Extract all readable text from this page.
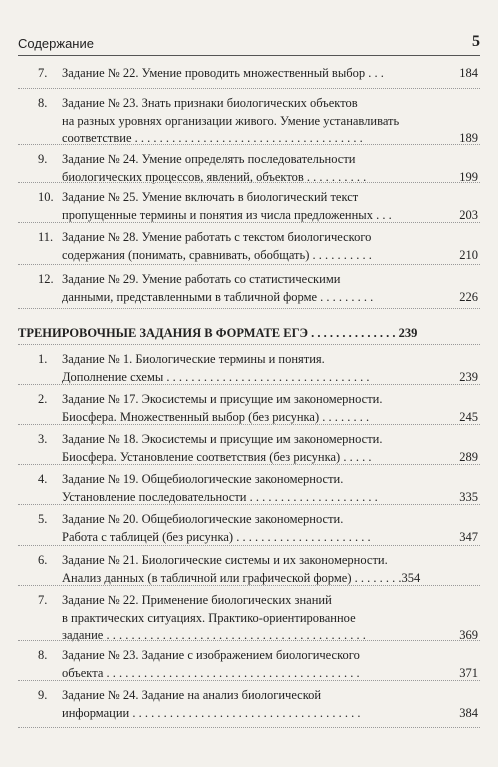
Содержание	5
7. Задание № 22. Умение проводить множественный выбор . . .	184
8. Задание № 23. Знать признаки биологических объектов
на разных уровнях организации живого. Умение устанавливать
соответствие . . . . . . . . . . . . . . . . . . . . . . . . . . . . . . . . . . . . .	189
9. Задание № 24. Умение определять последовательности
биологических процессов, явлений, объектов . . . . . . . . . .	199
10. Задание № 25. Умение включать в биологический текст
пропущенные термины и понятия из числа предложенных . . .	203
11. Задание № 28. Умение работать с текстом биологического
содержания (понимать, сравнивать, обобщать) . . . . . . . . . .	210
12. Задание № 29. Умение работать со статистическими
данными, представленными в табличной форме . . . . . . . . .	226
ТРЕНИРОВОЧНЫЕ ЗАДАНИЯ В ФОРМАТЕ ЕГЭ . . . . . . . . . . . . . . 239
1. Задание № 1. Биологические термины и понятия.
Дополнение схемы . . . . . . . . . . . . . . . . . . . . . . . . . . . . . . . . .	239
2. Задание № 17. Экосистемы и присущие им закономерности.
Биосфера. Множественный выбор (без рисунка) . . . . . . . .	245
3. Задание № 18. Экосистемы и присущие им закономерности.
Биосфера. Установление соответствия (без рисунка) . . . . .	289
4. Задание № 19. Общебиологические закономерности.
Установление последовательности . . . . . . . . . . . . . . . . . . . . .	335
5. Задание № 20. Общебиологические закономерности.
Работа с таблицей (без рисунка) . . . . . . . . . . . . . . . . . . . . . .	347
6. Задание № 21. Биологические системы и их закономерности.
Анализ данных (в табличной или графической форме) . . . . . . . .354
7. Задание № 22. Применение биологических знаний
в практических ситуациях. Практико-ориентированное
задание . . . . . . . . . . . . . . . . . . . . . . . . . . . . . . . . . . . . . . . . . .	369
8. Задание № 23. Задание с изображением биологического
объекта . . . . . . . . . . . . . . . . . . . . . . . . . . . . . . . . . . . . . . . . .	371
9. Задание № 24. Задание на анализ биологической
информации . . . . . . . . . . . . . . . . . . . . . . . . . . . . . . . . . . . . .	384
